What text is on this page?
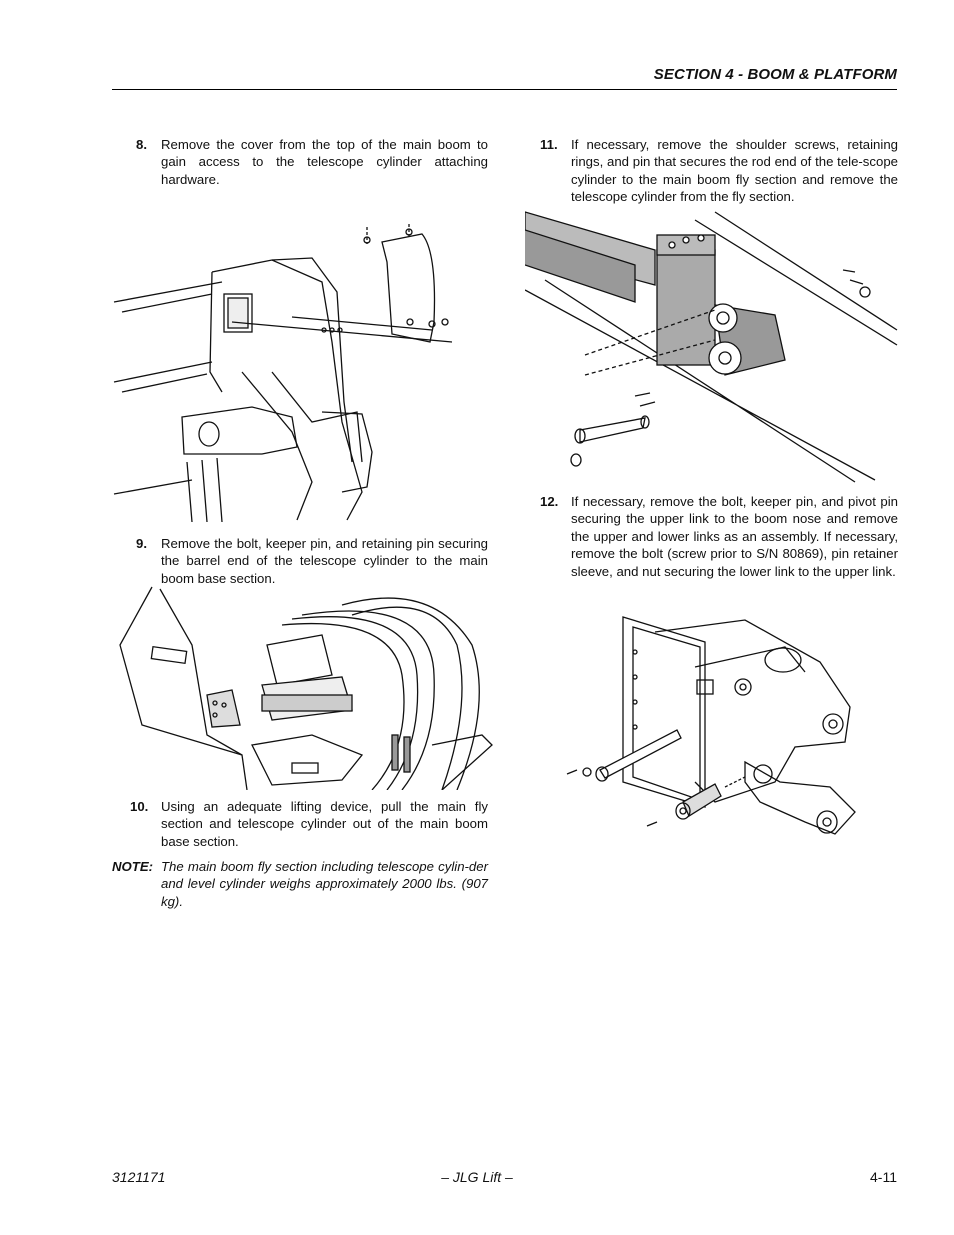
SECTION 4 - BOOM & PLATFORM
8. Remove the cover from the top of the main boom to gain access to the telescope cylinder attaching hardware.
9. Remove the bolt, keeper pin, and retaining pin securing the barrel end of the telescope cylinder to the main boom base section.
10. Using an adequate lifting device, pull the main fly section and telescope cylinder out of the main boom base section.
NOTE: The main boom fly section including telescope cylin-der and level cylinder weighs approximately 2000 lbs. (907 kg).
11. If necessary, remove the shoulder screws, retaining rings, and pin that secures the rod end of the tele-scope cylinder to the main boom fly section and remove the telescope cylinder from the fly section.
12. If necessary, remove the bolt, keeper pin, and pivot pin securing the upper link to the boom nose and remove the upper and lower links as an assembly. If necessary, remove the bolt (screw prior to S/N 80869), pin retainer sleeve, and nut securing the lower link to the upper link.
3121171	– JLG Lift –	4-11
